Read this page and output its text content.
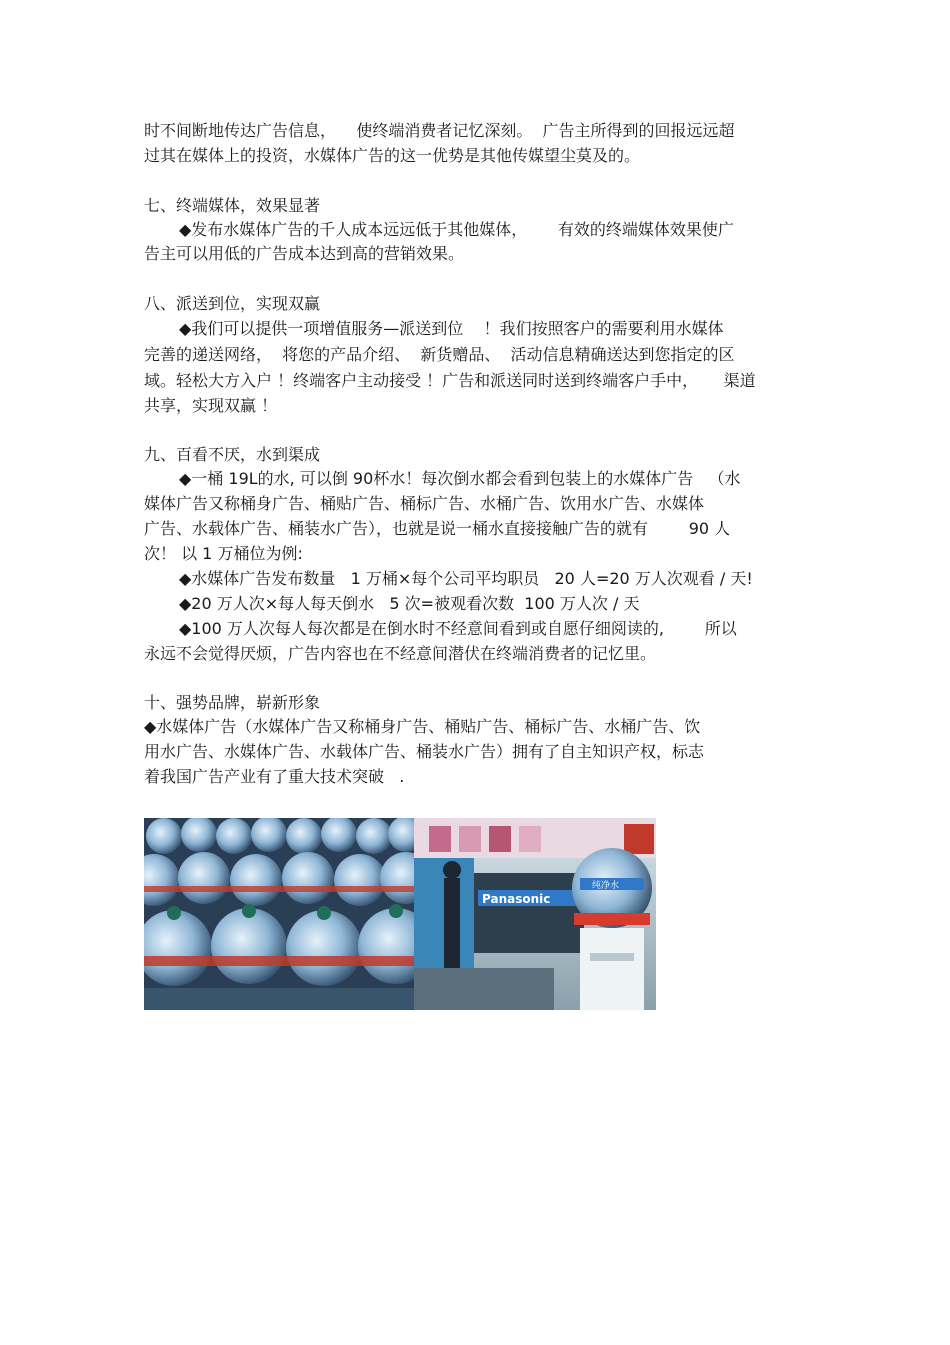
时不间断地传达广告信息，    使终端消费者记忆深刻。  广告主所得到的回报远远超
过其在媒体上的投资，水媒体广告的这一优势是其他传媒望尘莫及的。
七、终端媒体，效果显著
◆发布水媒体广告的千人成本远远低于其他媒体，      有效的终端媒体效果使广
告主可以用低的广告成本达到高的营销效果。
八、派送到位，实现双赢
◆我们可以提供一项增值服务—派送到位    ！我们按照客户的需要利用水媒体
完善的递送网络，  将您的产品介绍、  新货赠品、  活动信息精确送达到您指定的区
域。轻松大方入户 ！终端客户主动接受 ！广告和派送同时送到终端客户手中，     渠道
共享，实现双赢 ！
九、百看不厌，水到渠成
◆一桶 19L的水, 可以倒 90杯水！每次倒水都会看到包装上的水媒体广告   （水
媒体广告又称桶身广告、桶贴广告、桶标广告、水桶广告、饮用水广告、水媒体
广告、水载体广告、桶装水广告），也就是说一桶水直接接触广告的就有        90 人
次！ 以 1 万桶位为例:
◆水媒体广告发布数量   1 万桶×每个公司平均职员   20 人=20 万人次观看 / 天!
◆20 万人次×每人每天倒水   5 次=被观看次数  100 万人次 / 天
◆100 万人次每人每次都是在倒水时不经意间看到或自愿仔细阅读的,        所以
永远不会觉得厌烦，广告内容也在不经意间潜伏在终端消费者的记忆里。
十、强势品牌，崭新形象
◆水媒体广告（水媒体广告又称桶身广告、桶贴广告、桶标广告、水桶广告、饮
用水广告、水媒体广告、水载体广告、桶装水广告）拥有了自主知识产权，标志
着我国广告产业有了重大技术突破   .
Panasonic
纯净水
